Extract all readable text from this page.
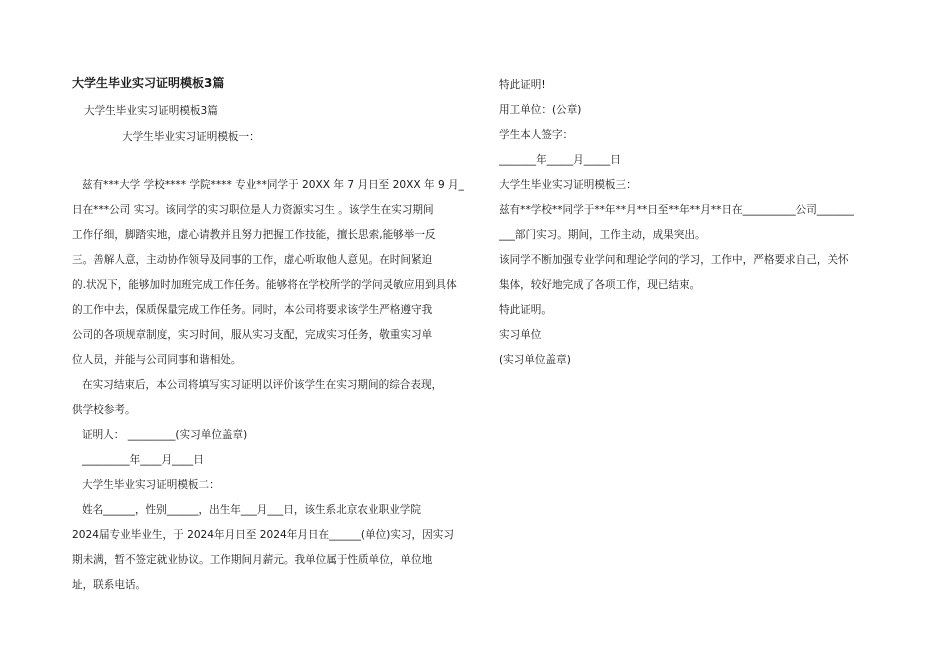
大学生毕业实习证明模板3篇
大学生毕业实习证明模板3篇
大学生毕业实习证明模板一：
兹有***大学 学校**** 学院**** 专业**同学于 20XX 年 7 月日至 20XX 年 9 月_
日在***公司 实习。该同学的实习职位是人力资源实习生 。该学生在实习期间
工作仔细，脚踏实地，虚心请教并且努力把握工作技能，擅长思索,能够举一反
三。善解人意，主动协作领导及同事的工作，虚心听取他人意见。在时间紧迫
的.状况下，能够加时加班完成工作任务。能够将在学校所学的学问灵敏应用到具体
的工作中去，保质保量完成工作任务。同时，本公司将要求该学生严格遵守我
公司的各项规章制度，实习时间，服从实习支配，完成实习任务，敬重实习单
位人员，并能与公司同事和谐相处。
在实习结束后，本公司将填写实习证明以评价该学生在实习期间的综合表现，
供学校参考。
证明人： _________(实习单位盖章)
_________年____月____日
大学生毕业实习证明模板二：
姓名______，性别______，出生年___月___日，该生系北京农业职业学院
2024届专业毕业生，于 2024年月日至 2024年月日在______(单位)实习，因实习
期未满，暂不签定就业协议。工作期间月薪元。我单位属于性质单位，单位地
址，联系电话。
特此证明!
用工单位：(公章)
学生本人签字：
_______年_____月_____日
大学生毕业实习证明模板三：
兹有**学校**同学于**年**月**日至**年**月**日在__________公司_______
___部门实习。期间，工作主动，成果突出。
该同学不断加强专业学问和理论学问的学习，工作中，严格要求自己，关怀
集体，较好地完成了各项工作，现已结束。
特此证明。
实习单位
(实习单位盖章)
